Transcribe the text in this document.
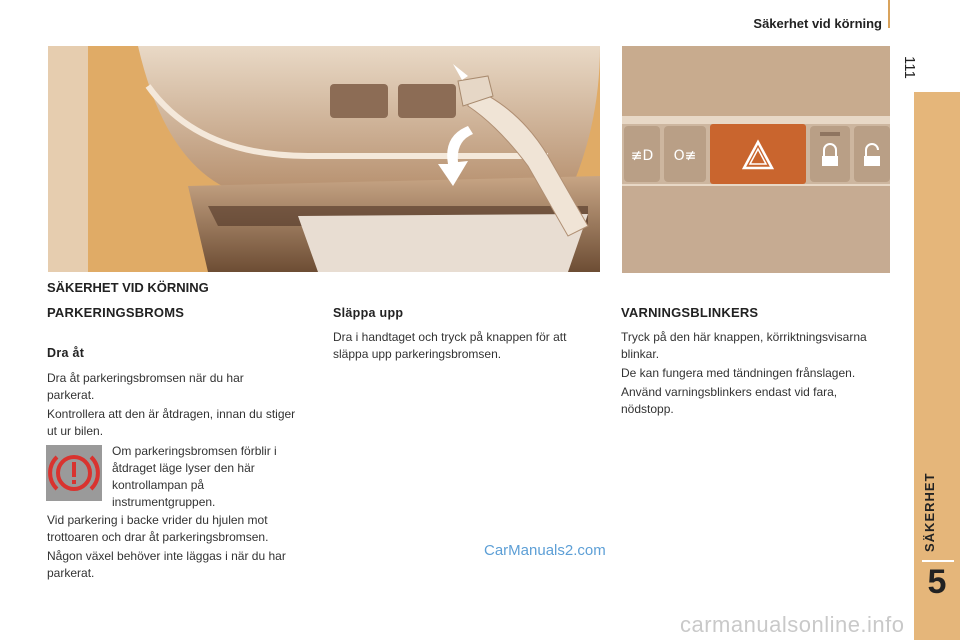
Säkerhet vid körning
111
SÄKERHET
5
≢D O≢
SÄKERHET VID KÖRNING
PARKERINGSBROMS
Dra åt

Dra åt parkeringsbromsen när du har parkerat.

Kontrollera att den är åtdragen, innan du stiger ut ur bilen.

Om parkeringsbromsen förblir i åtdraget läge lyser den här kontrollampan på instrumentgruppen.

Vid parkering i backe vrider du hjulen mot trottoaren och drar åt parkeringsbromsen.

Någon växel behöver inte läggas i när du har parkerat.

Släppa upp

Dra i handtaget och tryck på knappen för att släppa upp parkeringsbromsen.

VARNINGSBLINKERS

Tryck på den här knappen, körriktningsvisarna blinkar.

De kan fungera med tändningen frånslagen.

Använd varningsblinkers endast vid fara, nödstopp.

CarManuals2.com
carmanualsonline.info
